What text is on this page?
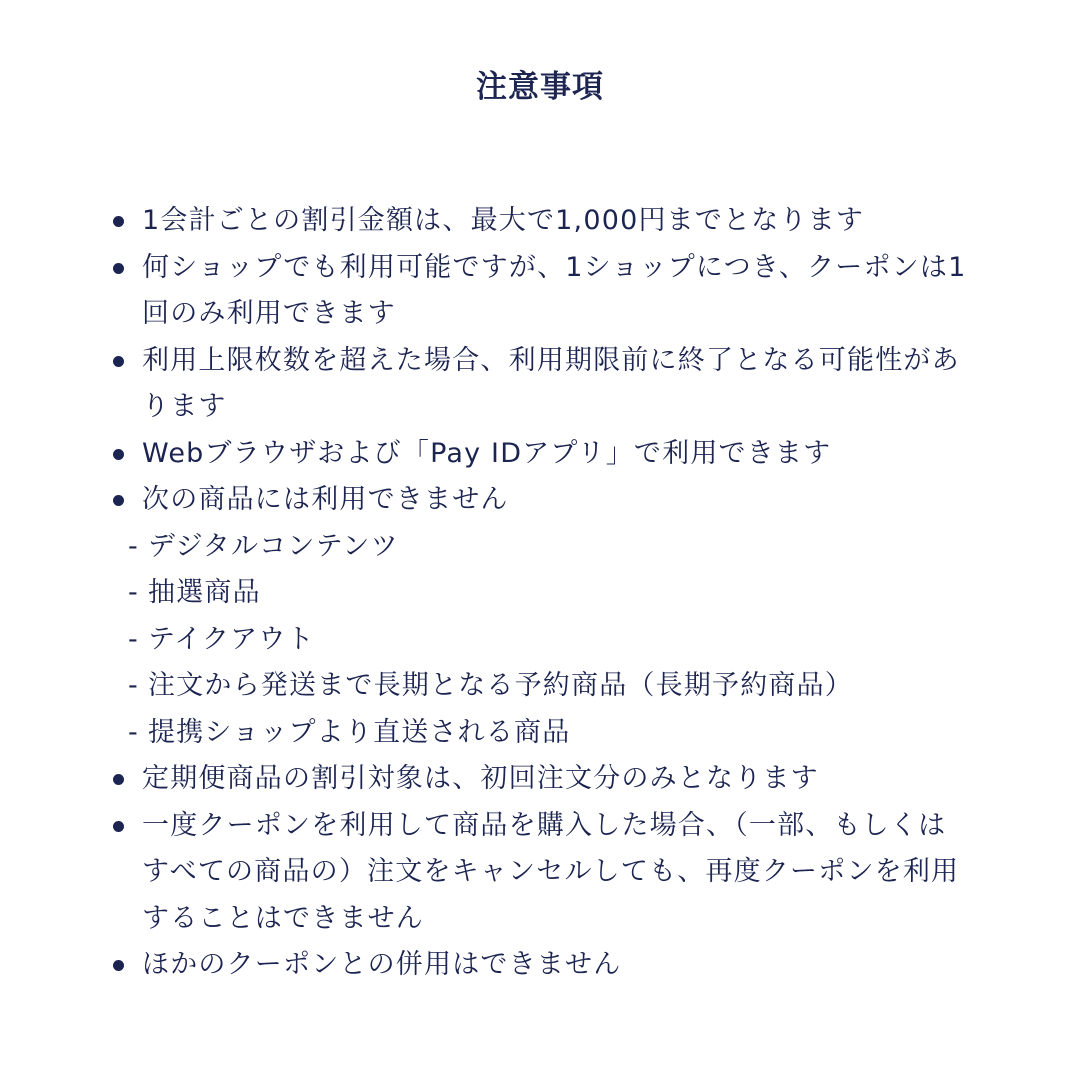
注意事項
1会計ごとの割引金額は、最大で1,000円までとなります
何ショップでも利用可能ですが、1ショップにつき、クーポンは1回のみ利用できます
利用上限枚数を超えた場合、利用期限前に終了となる可能性があります
Webブラウザおよび「Pay IDアプリ」で利用できます
次の商品には利用できません
- デジタルコンテンツ
- 抽選商品
- テイクアウト
- 注文から発送まで長期となる予約商品（長期予約商品）
- 提携ショップより直送される商品
定期便商品の割引対象は、初回注文分のみとなります
一度クーポンを利用して商品を購入した場合、（一部、もしくはすべての商品の）注文をキャンセルしても、再度クーポンを利用することはできません
ほかのクーポンとの併用はできません
